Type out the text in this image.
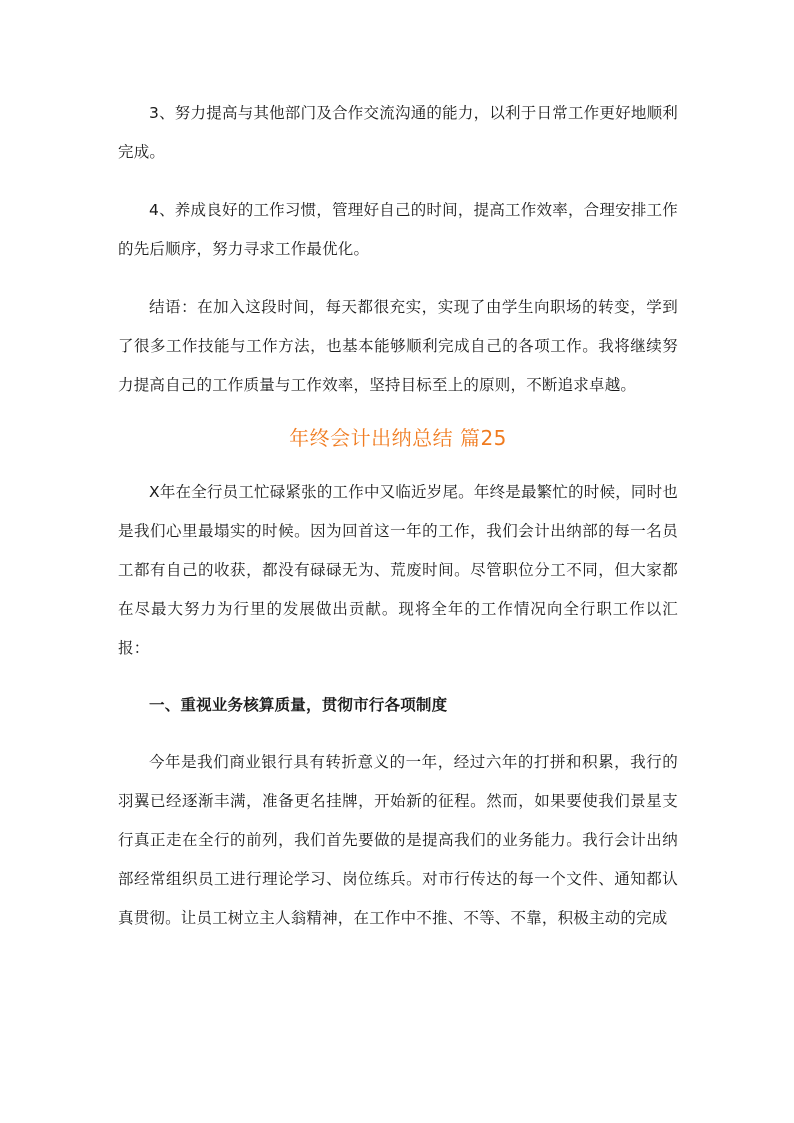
3、努力提高与其他部门及合作交流沟通的能力，以利于日常工作更好地顺利完成。

4、养成良好的工作习惯，管理好自己的时间，提高工作效率，合理安排工作的先后顺序，努力寻求工作最优化。

结语：在加入这段时间，每天都很充实，实现了由学生向职场的转变，学到了很多工作技能与工作方法，也基本能够顺利完成自己的各项工作。我将继续努力提高自己的工作质量与工作效率，坚持目标至上的原则，不断追求卓越。

年终会计出纳总结 篇25

X年在全行员工忙碌紧张的工作中又临近岁尾。年终是最繁忙的时候，同时也是我们心里最塌实的时候。因为回首这一年的工作，我们会计出纳部的每一名员工都有自己的收获，都没有碌碌无为、荒废时间。尽管职位分工不同，但大家都在尽最大努力为行里的发展做出贡献。现将全年的工作情况向全行职工作以汇报：

一、重视业务核算质量，贯彻市行各项制度

今年是我们商业银行具有转折意义的一年，经过六年的打拼和积累，我行的羽翼已经逐渐丰满，准备更名挂牌，开始新的征程。然而，如果要使我们景星支行真正走在全行的前列，我们首先要做的是提高我们的业务能力。我行会计出纳部经常组织员工进行理论学习、岗位练兵。对市行传达的每一个文件、通知都认真贯彻。让员工树立主人翁精神，在工作中不推、不等、不靠，积极主动的完成
